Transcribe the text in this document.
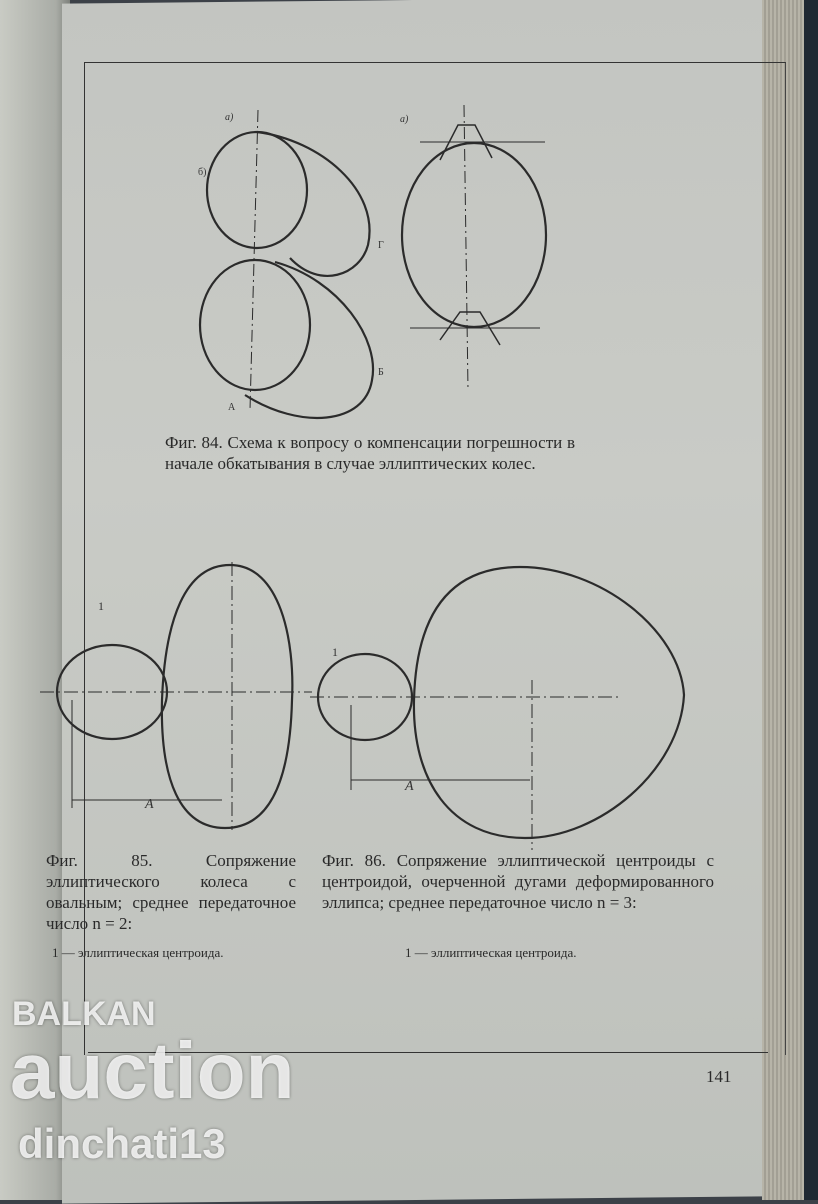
а)
б)
Г
А
Б
а)
A
1
A
1
Фиг. 84. Схема к вопросу о компенсации погрешности в начале обкатывания в случае эллиптических колес.
Фиг. 85. Сопряжение эллиптического колеса с овальным; среднее передаточное число n = 2:
1 — эллиптическая центроида.
Фиг. 86. Сопряжение эллиптической центроиды с центроидой, очерченной дугами деформированного эллипса; среднее передаточное число n = 3:
1 — эллиптическая центроида.
141
BALKAN
auction
dinchati13
